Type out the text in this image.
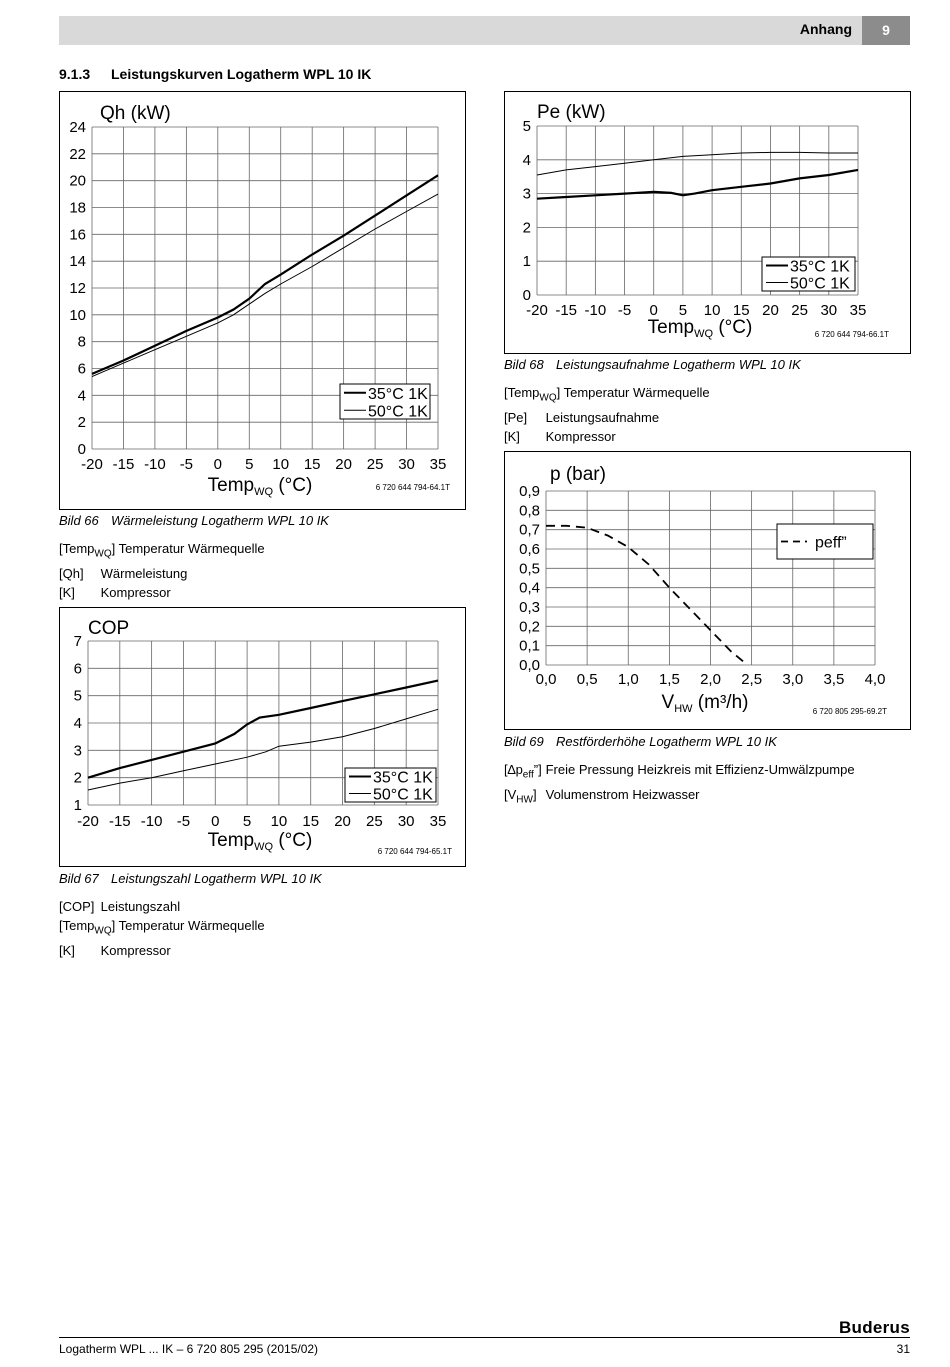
Anhang	9
9.1.3 Leistungskurven Logatherm WPL 10 IK
0
2
4
6
8
10
12
14
16
18
20
22
24
-20 -15 -10 -5 0 5 10 15 20 25 30 35
Qh (kW)
Temp$_{WQ}$ (°C)	6 720 644 794-64.1T
35°C 1K
50°C 1K
1
2
3
4
5
6
7
-20 -15 -10 -5 0 5 10 15 20 25 30 35
COP
Temp$_{WQ}$ (°C)
6 720 644 794-65.1T
35°C 1K
50°C 1K
0
1
2
3
4
5
-20 -15 -10 -5 0 5 10 15 20 25 30 35
Pe (kW)
Temp$_{WQ}$ (°C)	6 720 644 794-66.1T
35°C 1K
50°C 1K
0,0
0,1
0,2
0,3
0,4
0,5
0,6
0,7
0,8
0,9
0,0 0,5 1,0 1,5 2,0 2,5 3,0 3,5 4,0
p (bar)
$V_{HW}$ (m³/h)	6 720 805 295-69.2T
peff”
Bild 66 Wärmeleistung Logatherm WPL 10 IK
[Temp$_{WQ}$] Temperatur Wärmequelle
[Qh] Wärmeleistung
[K] Kompressor
Bild 67 Leistungszahl Logatherm WPL 10 IK
[COP] Leistungszahl
[Temp$_{WQ}$] Temperatur Wärmequelle
[K] Kompressor
Bild 68 Leistungsaufnahme Logatherm WPL 10 IK
[Temp$_{WQ}$] Temperatur Wärmequelle
[Pe] Leistungsaufnahme
[K] Kompressor
Bild 69 Restförderhöhe Logatherm WPL 10 IK
$[\Delta p_{eff}”]$ Freie Pressung Heizkreis mit Effizienz-Umwälzpumpe
$[V_{HW}]$ Volumenstrom Heizwasser
Buderus
Logatherm WPL ... IK – 6 720 805 295 (2015/02)	31
